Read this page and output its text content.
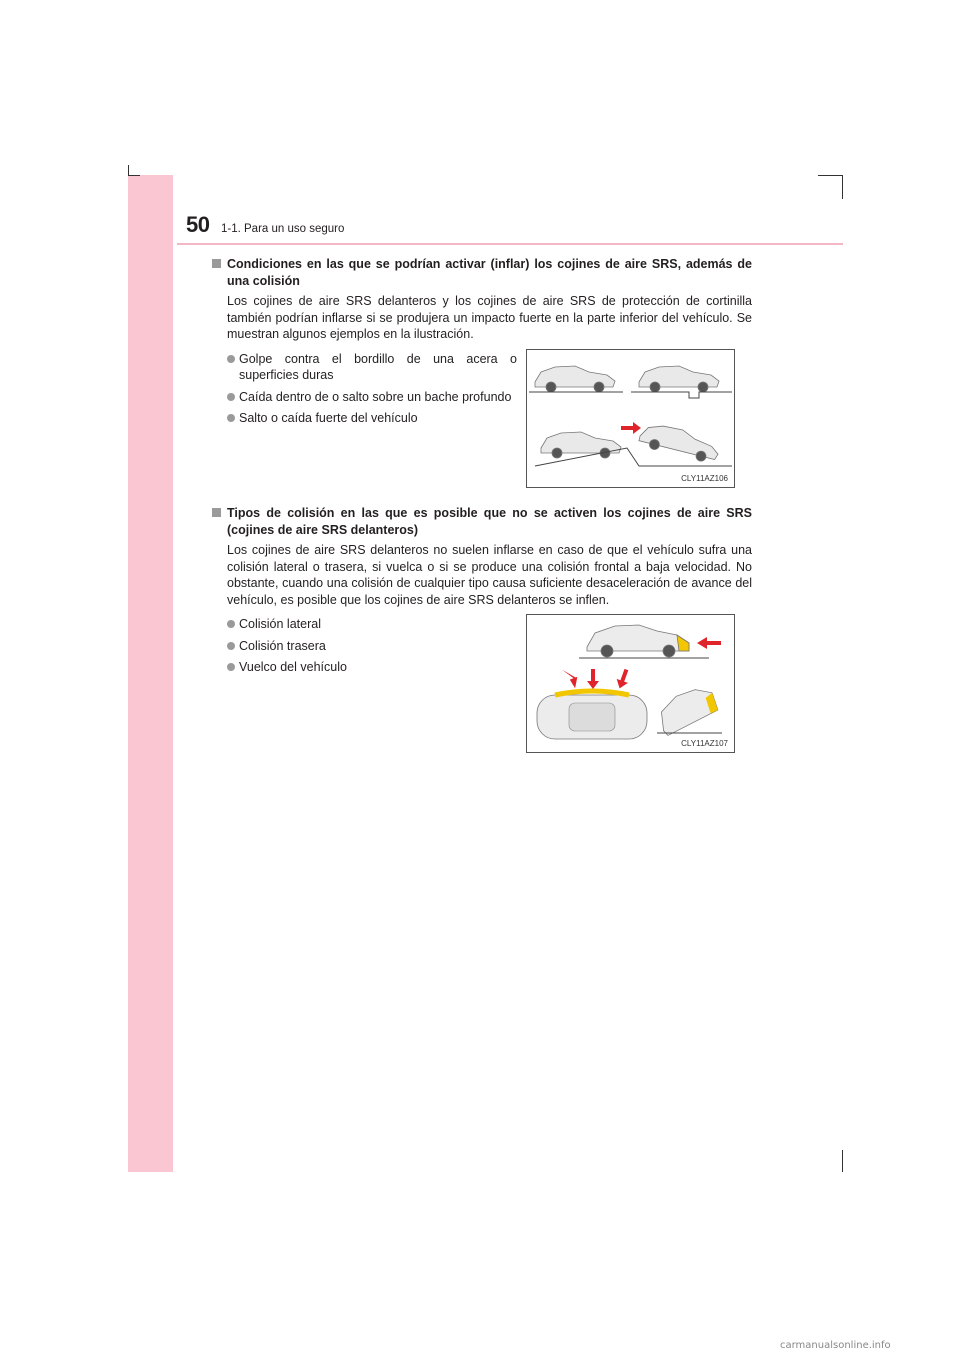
50 1-1. Para un uso seguro
Condiciones en las que se podrían activar (inflar) los cojines de aire SRS, además de una colisión
Los cojines de aire SRS delanteros y los cojines de aire SRS de protección de cortinilla también podrían inflarse si se produjera un impacto fuerte en la parte inferior del vehículo. Se muestran algunos ejemplos en la ilustración.
Golpe contra el bordillo de una acera o superficies duras
Caída dentro de o salto sobre un bache profundo
Salto o caída fuerte del vehículo
CLY11AZ106
Tipos de colisión en las que es posible que no se activen los cojines de aire SRS (cojines de aire SRS delanteros)
Los cojines de aire SRS delanteros no suelen inflarse en caso de que el vehículo sufra una colisión lateral o trasera, si vuelca o si se produce una colisión frontal a baja velocidad. No obstante, cuando una colisión de cualquier tipo causa suficiente desaceleración de avance del vehículo, es posible que los cojines de aire SRS delanteros se inflen.
Colisión lateral
Colisión trasera
Vuelco del vehículo
CLY11AZ107
carmanualsonline.info
